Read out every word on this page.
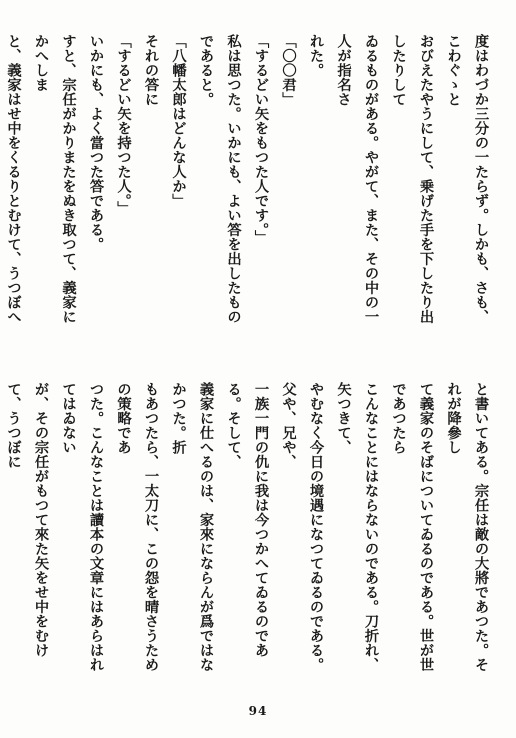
度はわづか三分の一たらず。しかも、さも、こわぐゝと

おびえたやうにして、乗げた手を下したり出したりして

ゐるものがある。やがて、また、その中の一人が指名さ

れた。

「〇〇君」

「するどい矢をもつた人です。」

私は思つた。いかにも、よい答を出したものであると。

「八幡太郎はどんな人か」

それの答に

「するどい矢を持つた人。」

いかにも、よく當つた答である。

すと、宗任がかりまたをぬき取つて、義家にかへしま

と、義家はせ中をくるりとむけて、うつぼへ

と書いてある。宗任は敵の大將であつた。それが降參し

て義家のそばについてゐるのである。世が世であつたら

こんなことにはならないのである。刀折れ、矢つきて、

やむなく今日の境遇になつてゐるのである。父や、兄や、

一族一門の仇に我は今つかへてゐるのである。そして、

義家に仕へるのは、家來にならんが爲ではなかつた。折

もあつたら、一太刀に、この怨を晴さうための策略であ

つた。こんなことは讀本の文章にはあらはれてはゐない

が、その宗任がもつて來た矢をせ中をむけて、うつぼに

94
